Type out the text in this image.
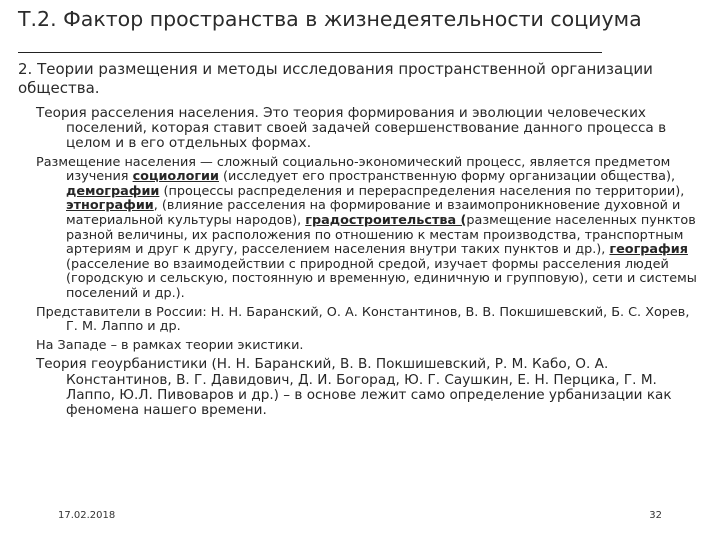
Т.2. Фактор пространства в жизнедеятельности социума
2. Теории размещения и методы исследования пространственной организации общества.

Теория расселения населения. Это теория формирования и эволюции человеческих поселений, которая ставит своей задачей совершенствование данного процесса в целом и в его отдельных формах.

Размещение населения — сложный социально-экономический процесс, является предметом изучения социологии (исследует его пространственную форму организации общества), демографии (процессы распределения и перераспределения населения по территории), этнографии, (влияние расселения на формирование и взаимопроникновение духовной и материальной культуры народов), градостроительства (размещение населенных пунктов разной величины, их расположения по отношению к местам производства, транспортным артериям и друг к другу, расселением населения внутри таких пунктов и др.), география (расселение во взаимодействии с природной средой, изучает формы расселения людей (городскую и сельскую, постоянную и временную, единичную и групповую), сети и системы поселений и др.).

Представители в России: Н. Н. Баранский, О. А. Константинов, В. В. Покшишевский, Б. С. Хорев, Г. М. Лаппо и др.

На Западе – в рамках теории экистики.

Теория геоурбанистики (Н. Н. Баранский, В. В. Покшишевский, Р. М. Кабо, О. А. Константинов, В. Г. Давидович, Д. И. Богорад, Ю. Г. Саушкин, Е. Н. Перцика, Г. М. Лаппо, Ю.Л. Пивоваров и др.) – в основе лежит само определение урбанизации как феномена нашего времени.

17.02.2018	32
